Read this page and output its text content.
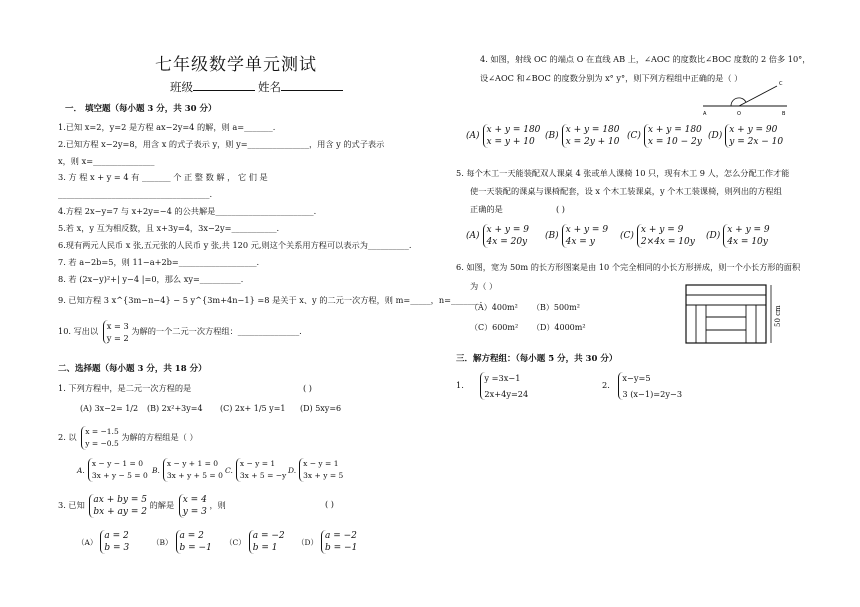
七年级数学单元测试
班级	姓名
一． 填空题（每小题 3 分，共 30 分）
1.已知 x=2，y=2 是方程 ax−2y=4 的解，则 a=_______.
2.已知方程 x−2y=8，用含 x 的式子表示 y，则 y=_______________，用含 y 的式子表示
x，则 x=_______________
3. 方 程 x + y = 4 有 _______ 个 正 整 数 解 ， 它 们 是
_____________________________________.
4.方程 2x−y=7 与 x+2y=−4 的公共解是________________________.
5.若 x，y 互为相反数，且 x+3y=4，3x−2y=___________.
6.现有两元人民币 x 张,五元张的人民币 y 张,共 120 元,则这个关系用方程可以表示为__________.
7. 若 a−2b=5，则 11−a+2b=___________________.
8. 若 (2x−y)²+| y−4 |=0，那么 xy=__________．
9. 已知方程 3 x^{3m−n−4} − 5 y^{3m+4n−1} =8 是关于 x、y 的二元一次方程，则 m=_____，n=_______.
10. 写出以 x = 3
y = 2
为解的一个二元一次方程组：_______________.
二、选择题（每小题 3 分，共 18 分）
1. 下列方程中，是二元一次方程的是	( )
(A) 3x−2= 1/2 (B) 2x²+3y=4 (C) 2x+ 1/5 y=1 (D) 5xy=6
2. 以
x = −1.5
y = −0.5
为解的方程组是（ ）
A.
x − y − 1 = 0
3x + y − 5 = 0
B.
x − y + 1 = 0
3x + y + 5 = 0
C.
x − y = 1
3x + 5 = −y
D.
x − y = 1
3x + y = 5
3. 已知 ax + by = 5
bx + ay = 2
的解是 x = 4
y = 3
，则	( )
（A）
a = 2
b = 3
（B）
a = 2
b = −1
（C）
a = −2
b = 1
（D）
a = −2
b = −1
4. 如图，射线 OC 的端点 O 在直线 AB 上，∠AOC 的度数比∠BOC 度数的 2 倍多 10°，
设∠AOC 和∠BOC 的度数分别为 x° y°，则下列方程组中正确的是（ ）
A	O	B
C
(A)
x + y = 180
x = y + 10
(B)
x + y = 180
x = 2y + 10
(C)
x + y = 180
x = 10 − 2y
(D)
x + y = 90
y = 2x − 10
5. 每个木工一天能装配双人课桌 4 张或单人课椅 10 只，现有木工 9 人，怎么分配工作才能
使一天装配的课桌与课椅配套，设 x 个木工装课桌，y 个木工装课椅，则列出的方程组
正确的是	( )
(A)
x + y = 9
4x = 20y
(B)
x + y = 9
4x = y
(C)
x + y = 9
2×4x = 10y
(D)
x + y = 9
4x = 10y
6. 如图，宽为 50m 的长方形图案是由 10 个完全相同的小长方形拼成，则一个小长方形的面积
为（ ）
（A）400m² （B）500m²
（C）600m² （D）4000m²
50 cm
三．解方程组：（每小题 5 分，共 30 分）
1.
y =3x−1
2x+4y=24
2.
x−y=5
3 (x−1)=2y−3
